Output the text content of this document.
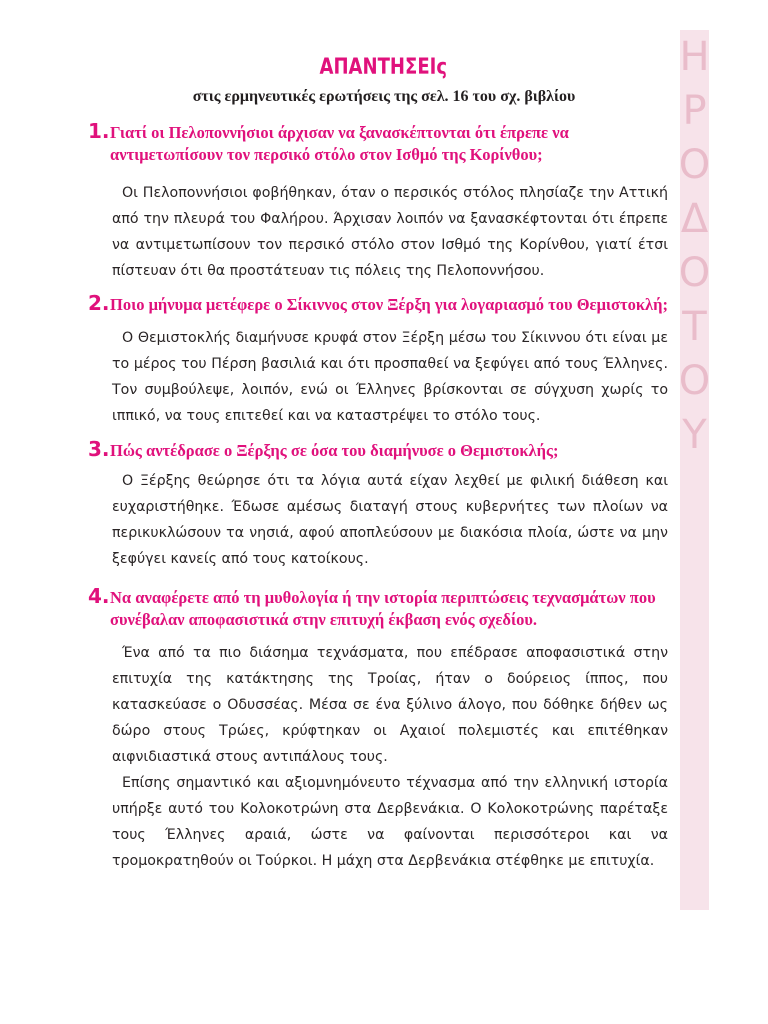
Η
Ρ
Ο
Δ
Ο
Τ
Ο
Υ
ΑΠΑΝΤΗΣΕΙς
στις ερμηνευτικές ερωτήσεις της σελ. 16 του σχ. βιβλίου
1. Γιατί οι Πελοποννήσιοι άρχισαν να ξανασκέπτονται ότι έπρεπε να αντιμετωπίσουν τον περσικό στόλο στον Ισθμό της Κορίνθου;

Οι Πελοποννήσιοι φοβήθηκαν, όταν ο περσικός στόλος πλησίαζε την Αττική από την πλευρά του Φαλήρου. Άρχισαν λοιπόν να ξανασκέφτονται ότι έπρεπε να αντιμετωπίσουν τον περσικό στόλο στον Ισθμό της Κορίνθου, γιατί έτσι πίστευαν ότι θα προστάτευαν τις πόλεις της Πελοποννήσου.

2. Ποιο μήνυμα μετέφερε ο Σίκιννος στον Ξέρξη για λογαριασμό του Θεμιστοκλή;

Ο Θεμιστοκλής διαμήνυσε κρυφά στον Ξέρξη μέσω του Σίκιννου ότι είναι με το μέρος του Πέρση βασιλιά και ότι προσπαθεί να ξεφύγει από τους Έλληνες. Τον συμβούλεψε, λοιπόν, ενώ οι Έλληνες βρίσκονται σε σύγχυση χωρίς το ιππικό, να τους επιτεθεί και να καταστρέψει το στόλο τους.

3. Πώς αντέδρασε ο Ξέρξης σε όσα του διαμήνυσε ο Θεμιστοκλής;

Ο Ξέρξης θεώρησε ότι τα λόγια αυτά είχαν λεχθεί με φιλική διάθεση και ευχαριστήθηκε. Έδωσε αμέσως διαταγή στους κυβερνήτες των πλοίων να περικυκλώσουν τα νησιά, αφού αποπλεύσουν με διακόσια πλοία, ώστε να μην ξεφύγει κανείς από τους κατοίκους.

4. Να αναφέρετε από τη μυθολογία ή την ιστορία περιπτώσεις τεχνασμάτων που συνέβαλαν αποφασιστικά στην επιτυχή έκβαση ενός σχεδίου.

Ένα από τα πιο διάσημα τεχνάσματα, που επέδρασε αποφασιστικά στην επιτυχία της κατάκτησης της Τροίας, ήταν ο δούρειος ίππος, που κατασκεύασε ο Οδυσσέας. Μέσα σε ένα ξύλινο άλογο, που δόθηκε δήθεν ως δώρο στους Τρώες, κρύφτηκαν οι Αχαιοί πολεμιστές και επιτέθηκαν αιφνιδιαστικά στους αντιπάλους τους.

Επίσης σημαντικό και αξιομνημόνευτο τέχνασμα από την ελληνική ιστορία υπήρξε αυτό του Κολοκοτρώνη στα Δερβενάκια. Ο Κολοκοτρώνης παρέταξε τους Έλληνες αραιά, ώστε να φαίνονται περισσότεροι και να τρομοκρατηθούν οι Τούρκοι. Η μάχη στα Δερβενάκια στέφθηκε με επιτυχία.
